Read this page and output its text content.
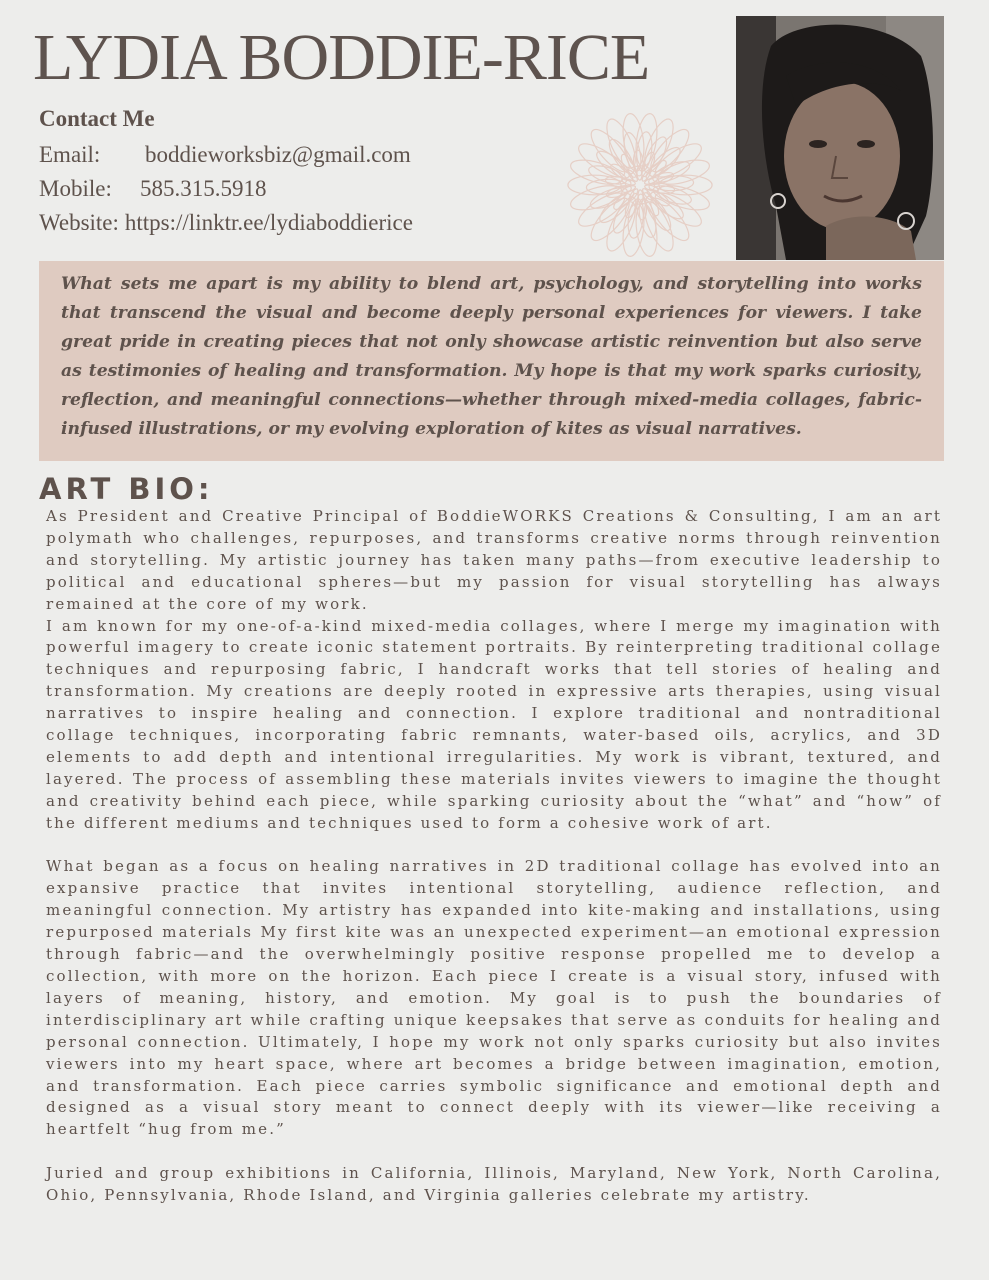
LYDIA BODDIE-RICE
Contact Me
Email: boddieworksbiz@gmail.com
Mobile: 585.315.5918
Website: https://linktr.ee/lydiaboddierice

What sets me apart is my ability to blend art, psychology, and storytelling into works that transcend the visual and become deeply personal experiences for viewers. I take great pride in creating pieces that not only showcase artistic reinvention but also serve as testimonies of healing and transformation. My hope is that my work sparks curiosity, reflection, and meaningful connections—whether through mixed-media collages, fabric-infused illustrations, or my evolving exploration of kites as visual narratives.

ART BIO:

As President and Creative Principal of BoddieWORKS Creations & Consulting, I am an art polymath who challenges, repurposes, and transforms creative norms through reinvention and storytelling. My artistic journey has taken many paths—from executive leadership to political and educational spheres—but my passion for visual storytelling has always remained at the core of my work.

I am known for my one-of-a-kind mixed-media collages, where I merge my imagination with powerful imagery to create iconic statement portraits. By reinterpreting traditional collage techniques and repurposing fabric, I handcraft works that tell stories of healing and transformation. My creations are deeply rooted in expressive arts therapies, using visual narratives to inspire healing and connection. I explore traditional and nontraditional collage techniques, incorporating fabric remnants, water-based oils, acrylics, and 3D elements to add depth and intentional irregularities. My work is vibrant, textured, and layered. The process of assembling these materials invites viewers to imagine the thought and creativity behind each piece, while sparking curiosity about the “what” and “how” of the different mediums and techniques used to form a cohesive work of art.

What began as a focus on healing narratives in 2D traditional collage has evolved into an expansive practice that invites intentional storytelling, audience reflection, and meaningful connection. My artistry has expanded into kite-making and installations, using repurposed materials My first kite was an unexpected experiment—an emotional expression through fabric—and the overwhelmingly positive response propelled me to develop a collection, with more on the horizon. Each piece I create is a visual story, infused with layers of meaning, history, and emotion. My goal is to push the boundaries of interdisciplinary art while crafting unique keepsakes that serve as conduits for healing and personal connection. Ultimately, I hope my work not only sparks curiosity but also invites viewers into my heart space, where art becomes a bridge between imagination, emotion, and transformation. Each piece carries symbolic significance and emotional depth and designed as a visual story meant to connect deeply with its viewer—like receiving a heartfelt “hug from me.”

Juried and group exhibitions in California, Illinois, Maryland, New York, North Carolina, Ohio, Pennsylvania, Rhode Island, and Virginia galleries celebrate my artistry.
